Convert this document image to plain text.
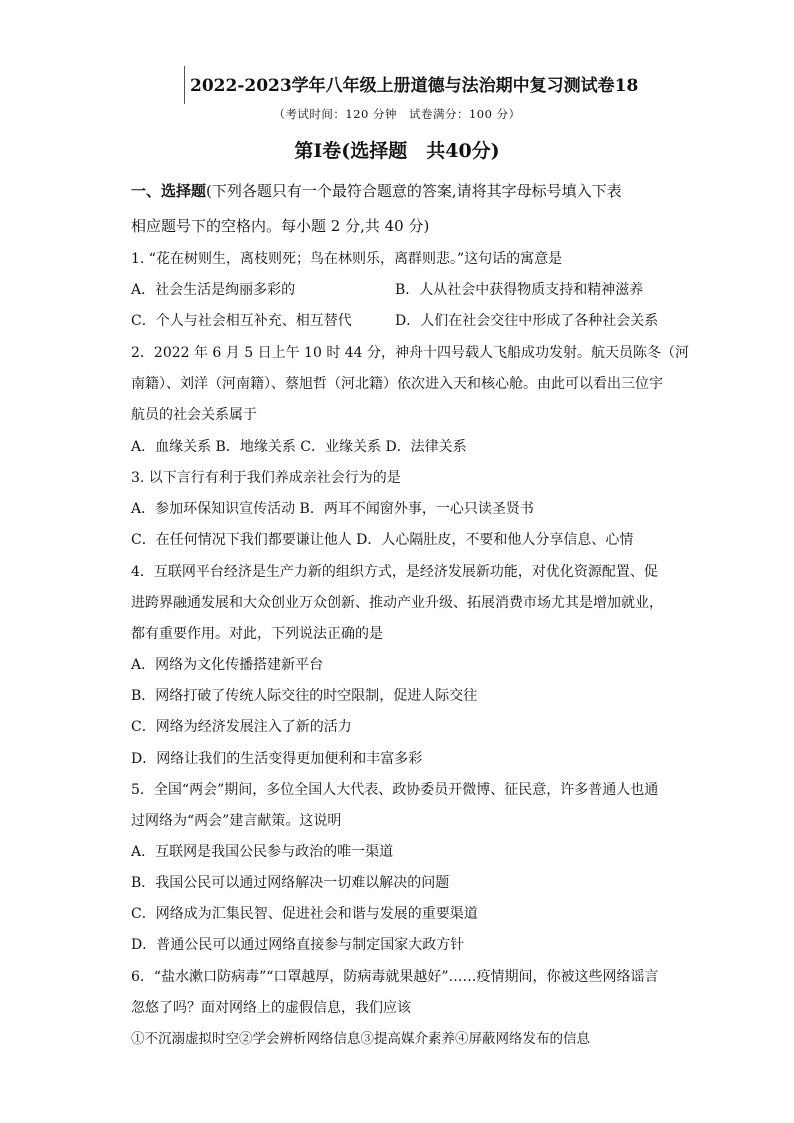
2022-2023学年八年级上册道德与法治期中复习测试卷18
（考试时间：120 分钟　试卷满分：100 分）
第Ⅰ卷(选择题　共40分)
一、选择题(下列各题只有一个最符合题意的答案,请将其字母标号填入下表
相应题号下的空格内。每小题 2 分,共 40 分)
1. “花在树则生，离枝则死；鸟在林则乐，离群则悲。”这句话的寓意是
A．社会生活是绚丽多彩的	B．人从社会中获得物质支持和精神滋养
C．个人与社会相互补充、相互替代	D．人们在社会交往中形成了各种社会关系
2．2022 年 6 月 5 日上午 10 时 44 分，神舟十四号载人飞船成功发射。航天员陈冬（河
南籍）、刘洋（河南籍）、蔡旭哲（河北籍）依次进入天和核心舱。由此可以看出三位宇
航员的社会关系属于
A．血缘关系 B．地缘关系 C．业缘关系 D．法律关系
3. 以下言行有利于我们养成亲社会行为的是
A．参加环保知识宣传活动 B．两耳不闻窗外事，一心只读圣贤书
C．在任何情况下我们都要谦让他人 D．人心隔肚皮，不要和他人分享信息、心情
4．互联网平台经济是生产力新的组织方式，是经济发展新功能，对优化资源配置、促
进跨界融通发展和大众创业万众创新、推动产业升级、拓展消费市场尤其是增加就业，
都有重要作用。对此，下列说法正确的是
A．网络为文化传播搭建新平台
B．网络打破了传统人际交往的时空限制，促进人际交往
C．网络为经济发展注入了新的活力
D．网络让我们的生活变得更加便利和丰富多彩
5．全国“两会”期间，多位全国人大代表、政协委员开微博、征民意，许多普通人也通
过网络为“两会”建言献策。这说明
A．互联网是我国公民参与政治的唯一渠道
B．我国公民可以通过网络解决一切难以解决的问题
C．网络成为汇集民智、促进社会和谐与发展的重要渠道
D．普通公民可以通过网络直接参与制定国家大政方针
6．“盐水漱口防病毒”“口罩越厚，防病毒就果越好”……疫情期间，你被这些网络谣言
忽悠了吗？面对网络上的虚假信息，我们应该
①不沉溺虚拟时空②学会辨析网络信息③提高媒介素养④屏蔽网络发布的信息
